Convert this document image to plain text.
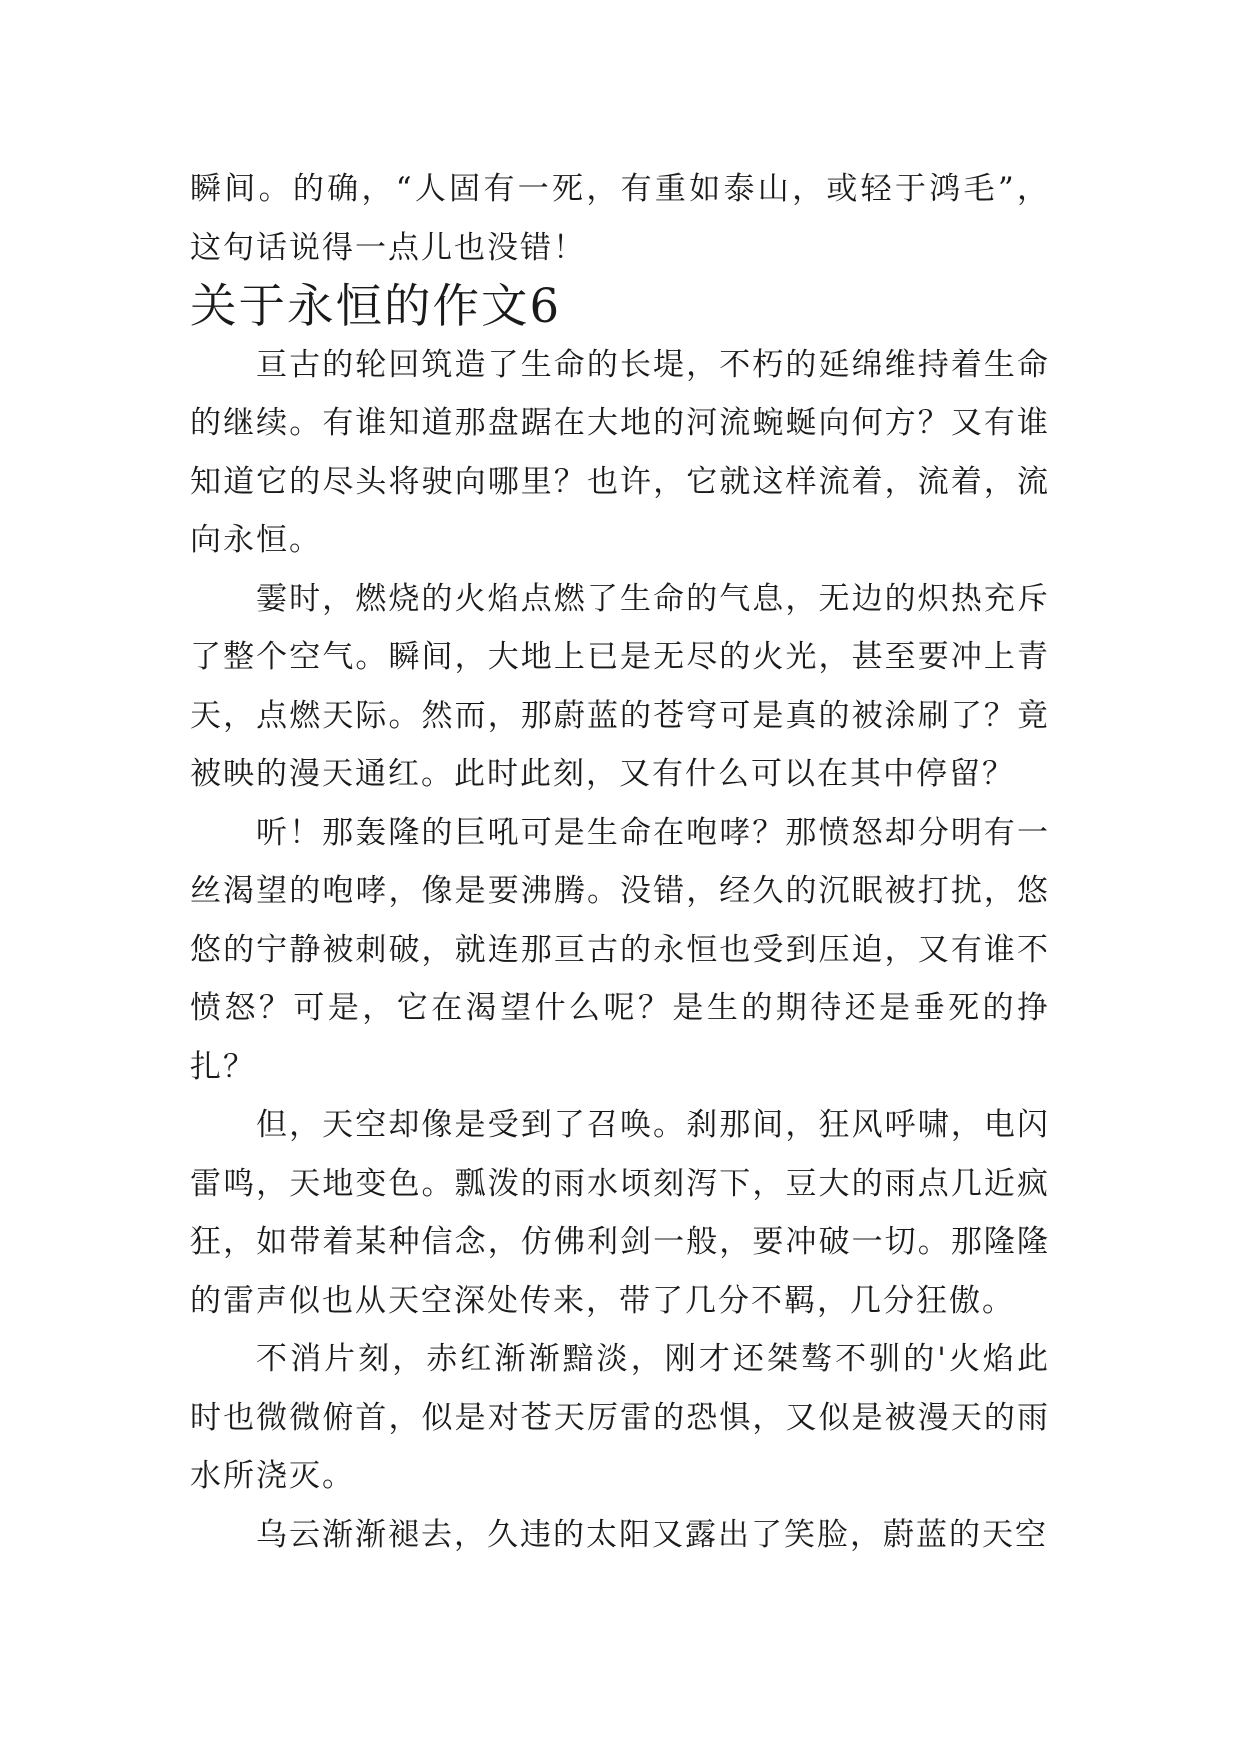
瞬间。的确，“人固有一死，有重如泰山，或轻于鸿毛”，这句话说得一点儿也没错！

关于永恒的作文6

亘古的轮回筑造了生命的长堤，不朽的延绵维持着生命的继续。有谁知道那盘踞在大地的河流蜿蜒向何方？又有谁知道它的尽头将驶向哪里？也许，它就这样流着，流着，流向永恒。

霎时，燃烧的火焰点燃了生命的气息，无边的炽热充斥了整个空气。瞬间，大地上已是无尽的火光，甚至要冲上青天，点燃天际。然而，那蔚蓝的苍穹可是真的被涂刷了？竟被映的漫天通红。此时此刻，又有什么可以在其中停留？

听！那轰隆的巨吼可是生命在咆哮？那愤怒却分明有一丝渴望的咆哮，像是要沸腾。没错，经久的沉眠被打扰，悠悠的宁静被刺破，就连那亘古的永恒也受到压迫，又有谁不愤怒？可是，它在渴望什么呢？是生的期待还是垂死的挣扎？

但，天空却像是受到了召唤。刹那间，狂风呼啸，电闪雷鸣，天地变色。瓢泼的雨水顷刻泻下，豆大的雨点几近疯狂，如带着某种信念，仿佛利剑一般，要冲破一切。那隆隆的雷声似也从天空深处传来，带了几分不羁，几分狂傲。

不消片刻，赤红渐渐黯淡，刚才还桀骜不驯的'火焰此时也微微俯首，似是对苍天厉雷的恐惧，又似是被漫天的雨水所浇灭。

乌云渐渐褪去，久违的太阳又露出了笑脸，蔚蓝的天空
